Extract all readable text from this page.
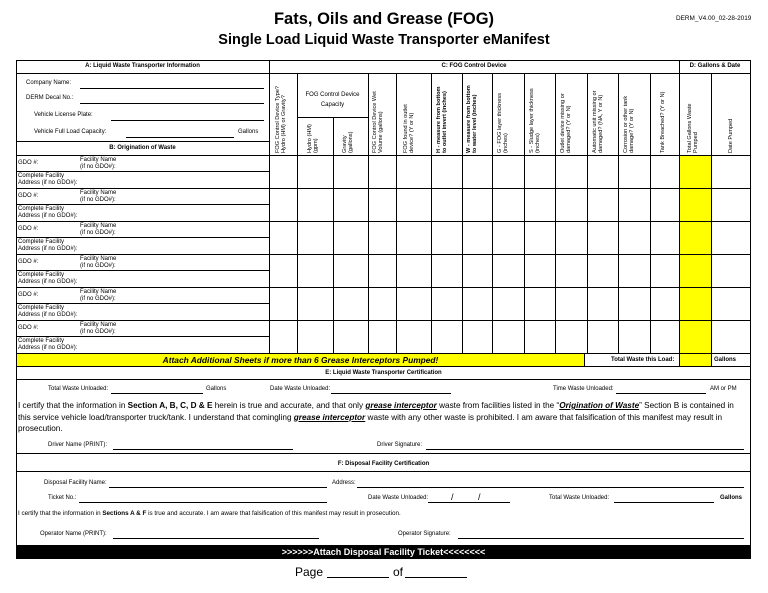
Fats, Oils and Grease (FOG)
Single Load Liquid Waste Transporter eManifest
DERM_V4.00_02-28-2019
A: Liquid Waste Transporter Information	C: FOG Control Device	D: Gallons & Date
Company Name:
DERM Decal No.:
Vehicle License Plate:
Vehicle Full Load Capacity:	Gallons
B: Origination of Waste	FOG Control Device Type? Hydro (HM) or Gravity?
FOG Control Device
Capacity
Hydro (HM) (gpm)	Gravity (gallons)	FOG Control Device Wet Volume (gallons)	FOG found in outlet device? (Y or N)	H - measure from bottom to outlet invert (inches)	W - measure from bottom to water level (inches)	G - FOG layer thickness (inches)	S - Sludge layer thickness (inches)	Outlet device missing or damaged? (Y or N)	Automatic unit missing or damaged? (NA, Y or N)	Corrosion or other tank damage? (Y or N)	Tank Breached? (Y or N)	Total Gallons Waste Pumped	Date Pumped
GDO #:	Facility Name
(if no GDO#):
Complete Facility
Address (if no GDO#):
GDO #:	Facility Name
(if no GDO#):
Complete Facility
Address (if no GDO#):
GDO #:	Facility Name
(if no GDO#):
Complete Facility
Address (if no GDO#):
GDO #:	Facility Name
(if no GDO#):
Complete Facility
Address (if no GDO#):
GDO #:	Facility Name
(if no GDO#):
Complete Facility
Address (if no GDO#):
GDO #:	Facility Name
(if no GDO#):
Complete Facility
Address (if no GDO#):
Attach Additional Sheets if more than 6 Grease Interceptors Pumped!	Total Waste this Load:	Gallons
E: Liquid Waste Transporter Certification
Total Waste Unloaded:	Gallons	Date Waste Unloaded:	Time Waste Unloaded:	AM or PM
I certify that the information in Section A, B, C, D & E herein is true and accurate, and that only grease interceptor waste from facilities listed in the “Origination of Waste” Section B is contained in this service vehicle load/transporter truck/tank. I understand that comingling grease interceptor waste with any other waste is prohibited. I am aware that falsification of this manifest may result in prosecution.
Driver Name (PRINT):	Driver Signature:
F: Disposal Facility Certification
Disposal Facility Name:	Address:
Ticket No.:	Date Waste Unloaded:	/	/	Total Waste Unloaded:	Gallons
I certify that the information in Sections A & F is true and accurate. I am aware that falsification of this manifest may result in prosecution.
Operator Name (PRINT):	Operator Signature:
>>>>>>Attach Disposal Facility Ticket<<<<<<<<
Page	of
